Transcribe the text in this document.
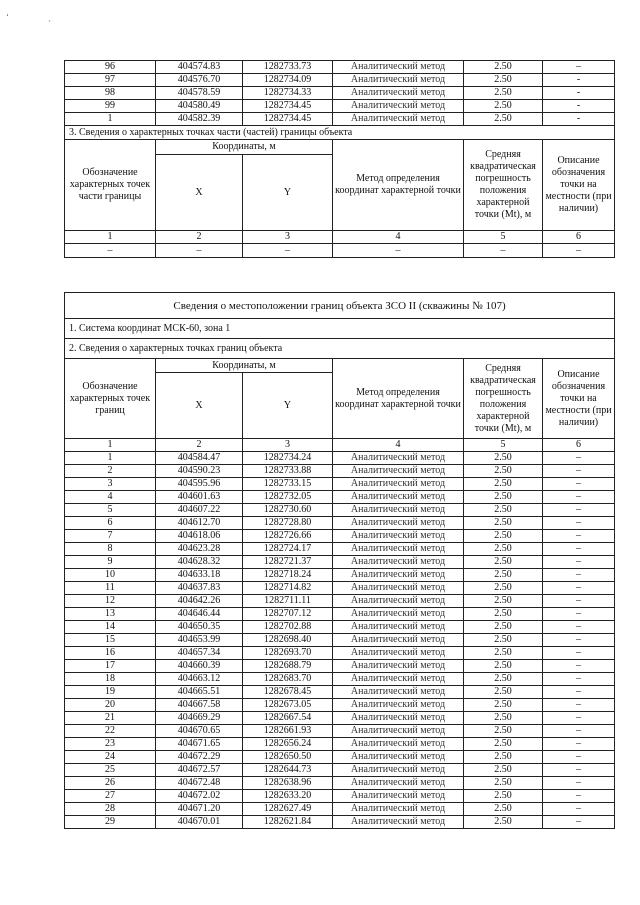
‘	ˏ
96	404574.83	1282733.73	Аналитический метод	2.50	–
97	404576.70	1282734.09	Аналитический метод	2.50	-
98	404578.59	1282734.33	Аналитический метод	2.50	-
99	404580.49	1282734.45	Аналитический метод	2.50	-
1	404582.39	1282734.45	Аналитический метод	2.50	-
3. Сведения о характерных точках части (частей) границы объекта					
Обозначение характерных точек части границы	Координаты, м		Метод определения координат характерной точки	Средняя квадратическая погрешность положения характерной точки (Mt), м	Описание обозначения точки на местности (при наличии)
	X	Y			
1	2	3	4	5	6
–	–	–	–	–	–
Сведения о местоположении границ объекта ЗСО II (скважины № 107)					
1. Система координат МСК-60, зона 1					
2. Сведения о характерных точках границ объекта					
Обозначение характерных точек границ	Координаты, м		Метод определения координат характерной точки	Средняя квадратическая погрешность положения характерной точки (Mt), м	Описание обозначения точки на местности (при наличии)
	X	Y			
1	2	3	4	5	6
1	404584.47	1282734.24	Аналитический метод	2.50	–
2	404590.23	1282733.88	Аналитический метод	2.50	–
3	404595.96	1282733.15	Аналитический метод	2.50	–
4	404601.63	1282732.05	Аналитический метод	2.50	–
5	404607.22	1282730.60	Аналитический метод	2.50	–
6	404612.70	1282728.80	Аналитический метод	2.50	–
7	404618.06	1282726.66	Аналитический метод	2.50	–
8	404623.28	1282724.17	Аналитический метод	2.50	–
9	404628.32	1282721.37	Аналитический метод	2.50	–
10	404633.18	1282718.24	Аналитический метод	2.50	–
11	404637.83	1282714.82	Аналитический метод	2.50	–
12	404642.26	1282711.11	Аналитический метод	2.50	–
13	404646.44	1282707.12	Аналитический метод	2.50	–
14	404650.35	1282702.88	Аналитический метод	2.50	–
15	404653.99	1282698.40	Аналитический метод	2.50	–
16	404657.34	1282693.70	Аналитический метод	2.50	–
17	404660.39	1282688.79	Аналитический метод	2.50	–
18	404663.12	1282683.70	Аналитический метод	2.50	–
19	404665.51	1282678.45	Аналитический метод	2.50	–
20	404667.58	1282673.05	Аналитический метод	2.50	–
21	404669.29	1282667.54	Аналитический метод	2.50	–
22	404670.65	1282661.93	Аналитический метод	2.50	–
23	404671.65	1282656.24	Аналитический метод	2.50	–
24	404672.29	1282650.50	Аналитический метод	2.50	–
25	404672.57	1282644.73	Аналитический метод	2.50	–
26	404672.48	1282638.96	Аналитический метод	2.50	–
27	404672.02	1282633.20	Аналитический метод	2.50	–
28	404671.20	1282627.49	Аналитический метод	2.50	–
29	404670.01	1282621.84	Аналитический метод	2.50	–
